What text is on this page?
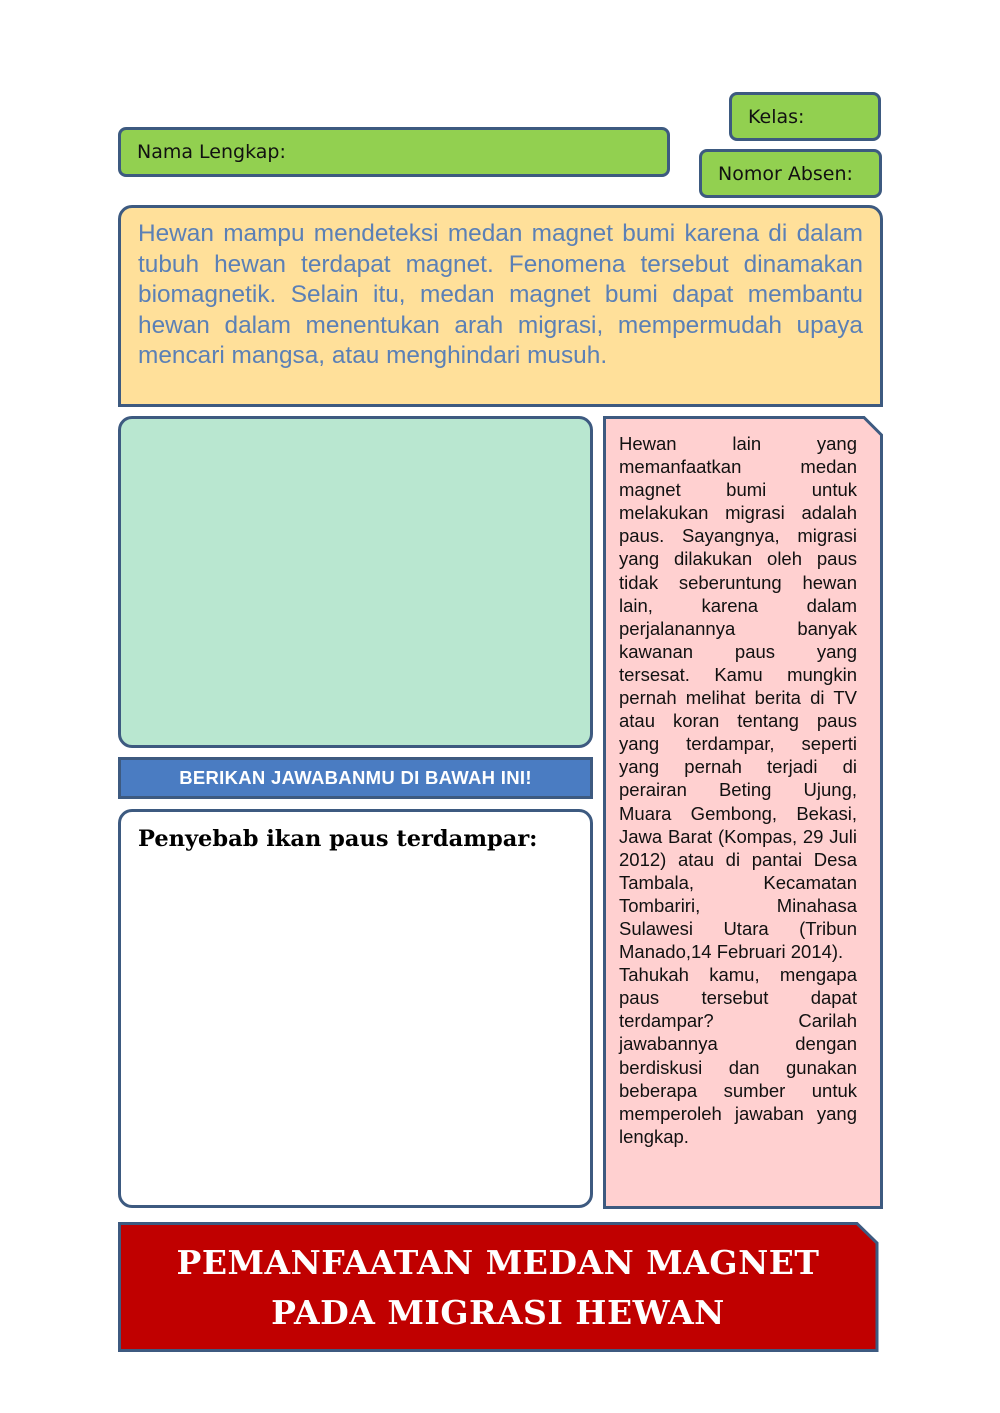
Nama Lengkap:
Kelas:
Nomor Absen:

Hewan mampu mendeteksi medan magnet bumi karena di dalam tubuh hewan terdapat magnet. Fenomena tersebut dinamakan biomagnetik. Selain itu, medan magnet bumi dapat membantu hewan dalam menentukan arah migrasi, mempermudah upaya mencari mangsa, atau menghindari musuh.

BERIKAN JAWABANMU DI BAWAH INI!
Penyebab ikan paus terdampar:

Hewan lain yang memanfaatkan medan magnet bumi untuk melakukan migrasi adalah paus. Sayangnya, migrasi yang dilakukan oleh paus tidak seberuntung hewan lain, karena dalam perjalanannya banyak kawanan paus yang tersesat. Kamu mungkin pernah melihat berita di TV atau koran tentang paus yang terdampar, seperti yang pernah terjadi di perairan Beting Ujung, Muara Gembong, Bekasi, Jawa Barat (Kompas, 29 Juli 2012) atau di pantai Desa Tambala, Kecamatan Tombariri, Minahasa Sulawesi Utara (Tribun Manado,14 Februari 2014).

Tahukah kamu, mengapa paus tersebut dapat terdampar? Carilah jawabannya dengan berdiskusi dan gunakan beberapa sumber untuk memperoleh jawaban yang lengkap.

PEMANFAATAN MEDAN MAGNET
PADA MIGRASI HEWAN
